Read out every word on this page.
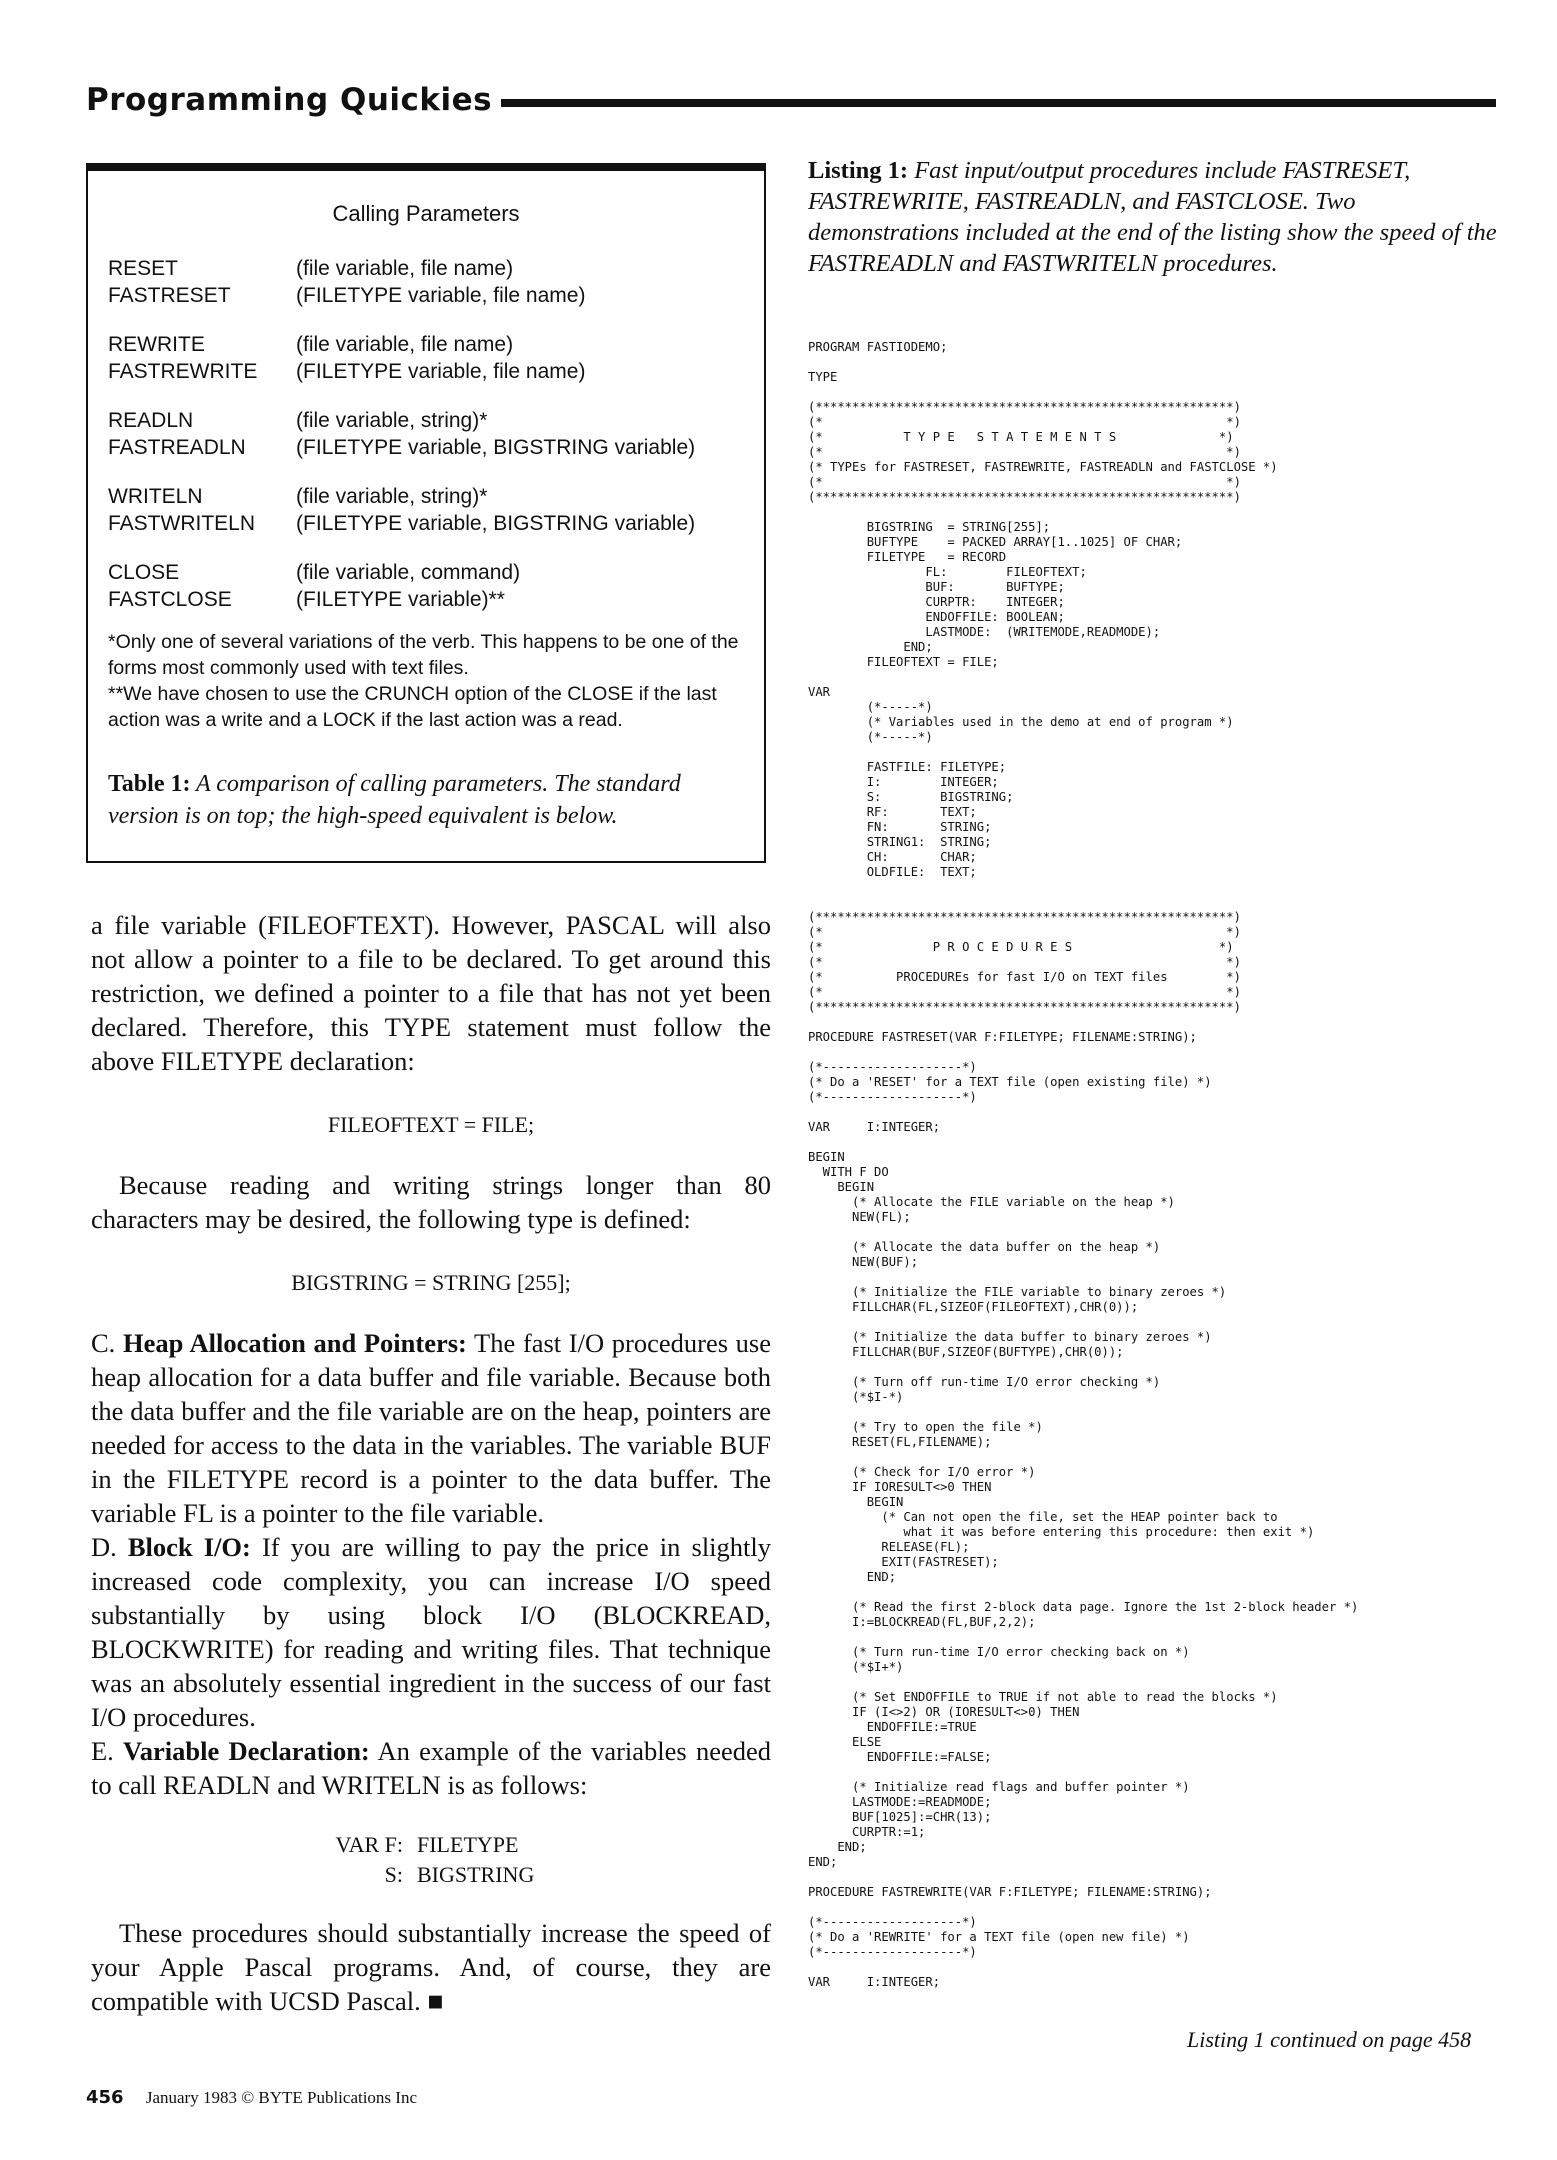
Programming Quickies
Calling Parameters
RESET	(file variable, file name)
FASTRESET	(FILETYPE variable, file name)
REWRITE	(file variable, file name)
FASTREWRITE	(FILETYPE variable, file name)
READLN	(file variable, string)*
FASTREADLN	(FILETYPE variable, BIGSTRING variable)
WRITELN	(file variable, string)*
FASTWRITELN	(FILETYPE variable, BIGSTRING variable)
CLOSE	(file variable, command)
FASTCLOSE	(FILETYPE variable)**

*Only one of several variations of the verb. This happens to be one of the forms most commonly used with text files.

**We have chosen to use the CRUNCH option of the CLOSE if the last action was a write and a LOCK if the last action was a read.

Table 1: A comparison of calling parameters. The standard version is on top; the high-speed equivalent is below.

a file variable (FILEOFTEXT). However, PASCAL will also not allow a pointer to a file to be declared. To get around this restriction, we defined a pointer to a file that has not yet been declared. Therefore, this TYPE statement must follow the above FILETYPE declaration:

FILEOFTEXT = FILE;

Because reading and writing strings longer than 80 characters may be desired, the following type is defined:

BIGSTRING = STRING [255];

C. Heap Allocation and Pointers: The fast I/O procedures use heap allocation for a data buffer and file variable. Because both the data buffer and the file variable are on the heap, pointers are needed for access to the data in the variables. The variable BUF in the FILETYPE record is a pointer to the data buffer. The variable FL is a pointer to the file variable.

D. Block I/O: If you are willing to pay the price in slightly increased code complexity, you can increase I/O speed substantially by using block I/O (BLOCKREAD, BLOCKWRITE) for reading and writing files. That technique was an absolutely essential ingredient in the success of our fast I/O procedures.

E. Variable Declaration: An example of the variables needed to call READLN and WRITELN is as follows:

VAR F: FILETYPE
S: BIGSTRING

These procedures should substantially increase the speed of your Apple Pascal programs. And, of course, they are compatible with UCSD Pascal. ■

Listing 1: Fast input/output procedures include FASTRESET, FASTREWRITE, FASTREADLN, and FASTCLOSE. Two demonstrations included at the end of the listing show the speed of the FASTREADLN and FASTWRITELN procedures.
PROGRAM FASTIODEMO;

TYPE

(*********************************************************)
(*                                                       *)
(*           T Y P E   S T A T E M E N T S              *)
(*                                                       *)
(* TYPEs for FASTRESET, FASTREWRITE, FASTREADLN and FASTCLOSE *)
(*                                                       *)
(*********************************************************)

BIGSTRING  = STRING[255];
BUFTYPE    = PACKED ARRAY[1..1025] OF CHAR;
FILETYPE   = RECORD
FL:        FILEOFTEXT;
BUF:       BUFTYPE;
CURPTR:    INTEGER;
ENDOFFILE: BOOLEAN;
LASTMODE:  (WRITEMODE,READMODE);
END;
FILEOFTEXT = FILE;

VAR
(*-----*)
(* Variables used in the demo at end of program *)
(*-----*)

FASTFILE: FILETYPE;
I:        INTEGER;
S:        BIGSTRING;
RF:       TEXT;
FN:       STRING;
STRING1:  STRING;
CH:       CHAR;
OLDFILE:  TEXT;

(*********************************************************)
(*                                                       *)
(*               P R O C E D U R E S                    *)
(*                                                       *)
(*          PROCEDUREs for fast I/O on TEXT files        *)
(*                                                       *)
(*********************************************************)

PROCEDURE FASTRESET(VAR F:FILETYPE; FILENAME:STRING);

(*-------------------*)
(* Do a 'RESET' for a TEXT file (open existing file) *)
(*-------------------*)

VAR     I:INTEGER;

BEGIN
WITH F DO
BEGIN
(* Allocate the FILE variable on the heap *)
NEW(FL);

(* Allocate the data buffer on the heap *)
NEW(BUF);

(* Initialize the FILE variable to binary zeroes *)
FILLCHAR(FL,SIZEOF(FILEOFTEXT),CHR(0));

(* Initialize the data buffer to binary zeroes *)
FILLCHAR(BUF,SIZEOF(BUFTYPE),CHR(0));

(* Turn off run-time I/O error checking *)
(*$I-*)

(* Try to open the file *)
RESET(FL,FILENAME);

(* Check for I/O error *)
IF IORESULT<>0 THEN
BEGIN
(* Can not open the file, set the HEAP pointer back to
what it was before entering this procedure: then exit *)
RELEASE(FL);
EXIT(FASTRESET);
END;

(* Read the first 2-block data page. Ignore the 1st 2-block header *)
I:=BLOCKREAD(FL,BUF,2,2);

(* Turn run-time I/O error checking back on *)
(*$I+*)

(* Set ENDOFFILE to TRUE if not able to read the blocks *)
IF (I<>2) OR (IORESULT<>0) THEN
ENDOFFILE:=TRUE
ELSE
ENDOFFILE:=FALSE;

(* Initialize read flags and buffer pointer *)
LASTMODE:=READMODE;
BUF[1025]:=CHR(13);
CURPTR:=1;
END;
END;

PROCEDURE FASTREWRITE(VAR F:FILETYPE; FILENAME:STRING);

(*-------------------*)
(* Do a 'REWRITE' for a TEXT file (open new file) *)
(*-------------------*)

VAR     I:INTEGER;
Listing 1 continued on page 458
456 January 1983 © BYTE Publications Inc
